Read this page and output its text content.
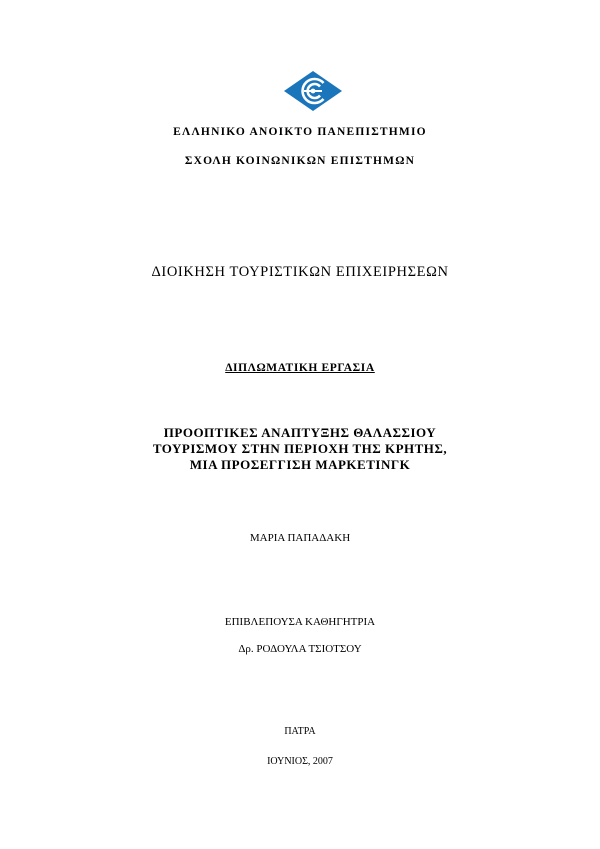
ΕΛΛΗΝΙΚΟ ΑΝΟΙΚΤΟ ΠΑΝΕΠΙΣΤΗΜΙΟ
ΣΧΟΛΗ ΚΟΙΝΩΝΙΚΩΝ ΕΠΙΣΤΗΜΩΝ
ΔΙΟΙΚΗΣΗ ΤΟΥΡΙΣΤΙΚΩΝ ΕΠΙΧΕΙΡΗΣΕΩΝ
ΔΙΠΛΩΜΑΤΙΚΗ ΕΡΓΑΣΙΑ
ΠΡΟΟΠΤΙΚΕΣ ΑΝΑΠΤΥΞΗΣ ΘΑΛΑΣΣΙΟΥ
ΤΟΥΡΙΣΜΟΥ ΣΤΗΝ ΠΕΡΙΟΧΗ ΤΗΣ ΚΡΗΤΗΣ,
ΜΙΑ ΠΡΟΣΕΓΓΙΣΗ ΜΑΡΚΕΤΙΝΓΚ
ΜΑΡΙΑ ΠΑΠΑΔΑΚΗ
ΕΠΙΒΛΕΠΟΥΣΑ ΚΑΘΗΓΗΤΡΙΑ
Δρ. ΡΟΔΟΥΛΑ ΤΣΙΟΤΣΟΥ
ΠΑΤΡΑ
ΙΟΥΝΙΟΣ, 2007
